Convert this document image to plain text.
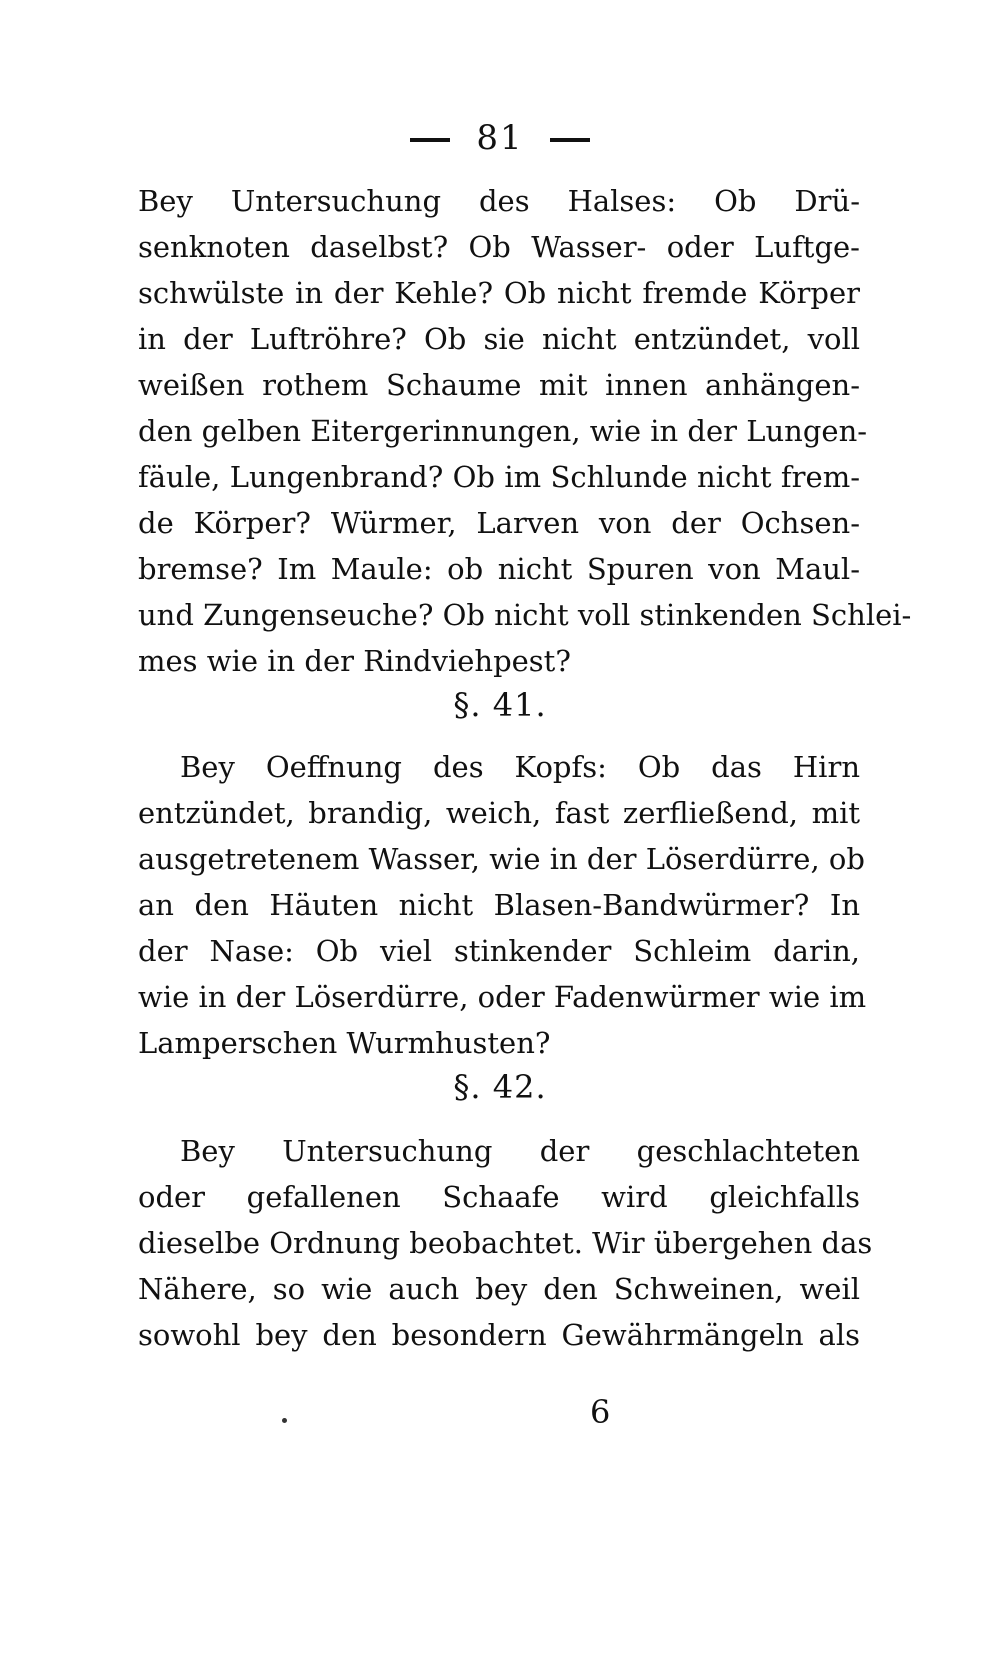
81
Bey Untersuchung des Halses: Ob Drü-
senknoten daselbst? Ob Wasser- oder Luftge-
schwülste in der Kehle? Ob nicht fremde Körper
in der Luftröhre? Ob sie nicht entzündet, voll
weißen rothem Schaume mit innen anhängen-
den gelben Eitergerinnungen, wie in der Lungen-
fäule, Lungenbrand? Ob im Schlunde nicht frem-
de Körper? Würmer, Larven von der Ochsen-
bremse? Im Maule: ob nicht Spuren von Maul-
und Zungenseuche? Ob nicht voll stinkenden Schlei-
mes wie in der Rindviehpest?
§. 41.
Bey Oeffnung des Kopfs: Ob das Hirn
entzündet, brandig, weich, fast zerfließend, mit
ausgetretenem Wasser, wie in der Löserdürre, ob
an den Häuten nicht Blasen-Bandwürmer? In
der Nase: Ob viel stinkender Schleim darin,
wie in der Löserdürre, oder Fadenwürmer wie im
Lamperschen Wurmhusten?
§. 42.
Bey Untersuchung der geschlachteten
oder gefallenen Schaafe wird gleichfalls
dieselbe Ordnung beobachtet. Wir übergehen das
Nähere, so wie auch bey den Schweinen, weil
sowohl bey den besondern Gewährmängeln als
6
